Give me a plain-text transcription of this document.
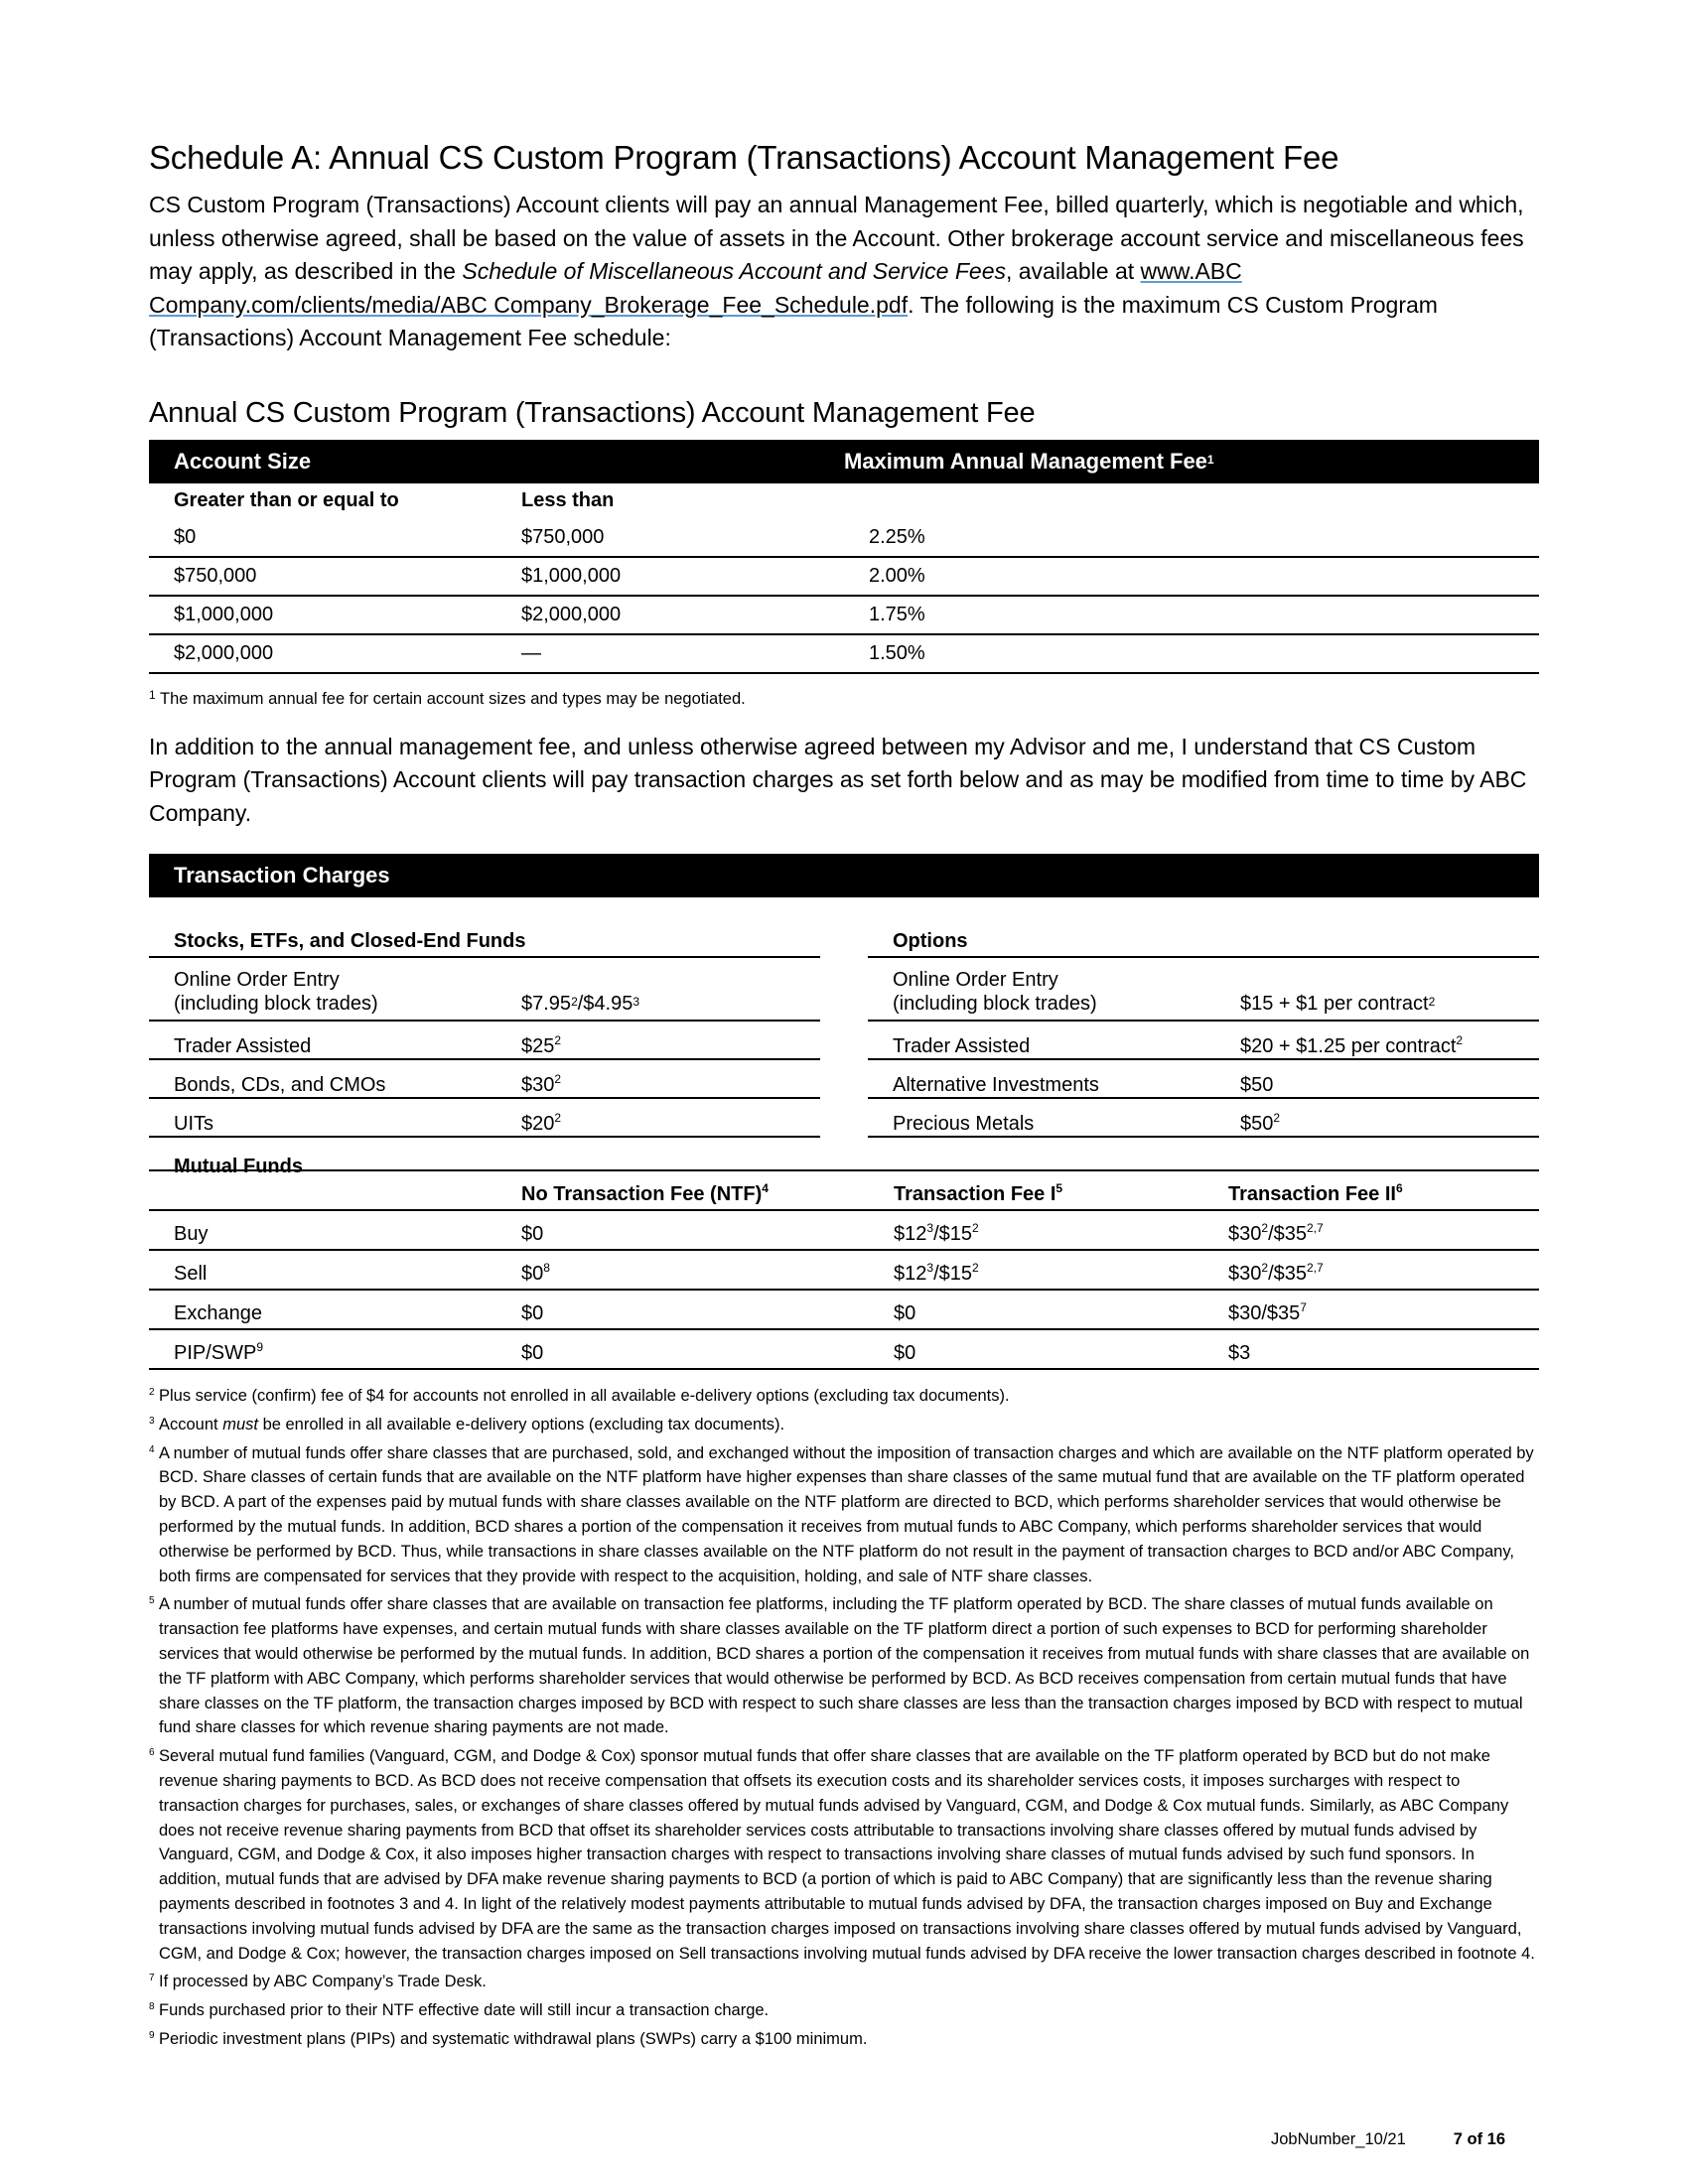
Schedule A: Annual CS Custom Program (Transactions) Account Management Fee

CS Custom Program (Transactions) Account clients will pay an annual Management Fee, billed quarterly, which is negotiable and which, unless otherwise agreed, shall be based on the value of assets in the Account. Other brokerage account service and miscellaneous fees may apply, as described in the Schedule of Miscellaneous Account and Service Fees, available at www.ABC Company.com/clients/media/ABC Company_Brokerage_Fee_Schedule.pdf. The following is the maximum CS Custom Program (Transactions) Account Management Fee schedule:

Annual CS Custom Program (Transactions) Account Management Fee
Account Size	Maximum Annual Management Fee$^1$
Greater than or equal to	Less than	
$0	$750,000	2.25%
$750,000	$1,000,000	2.00%
$1,000,000	$2,000,000	1.75%
$2,000,000	—	1.50%

$^1$ The maximum annual fee for certain account sizes and types may be negotiated.

In addition to the annual management fee, and unless otherwise agreed between my Advisor and me, I understand that CS Custom Program (Transactions) Account clients will pay transaction charges as set forth below and as may be modified from time to time by ABC Company.

Transaction Charges
Stocks, ETFs, and Closed-End Funds	
Online Order Entry
(including block trades)	$7.95$^2$/$4.95$^3$
Trader Assisted	$\$25^2$
Bonds, CDs, and CMOs	$\$30^2$
UITs	$\$20^2$
Options	
Online Order Entry
(including block trades)	$15 + $1 per contract$^2$
Trader Assisted	$20 + $1.25 per contract$^2$
Alternative Investments	$50
Precious Metals	$\$50^2$
Mutual Funds
	No Transaction Fee (NTF)$^4$	Transaction Fee $I^5$	Transaction Fee $II^6$
Buy	$0	$\$12^3/\$15^2$	$\$30^2/\$35^{2,7}$
Sell	$\$0^8$	$\$12^3/\$15^2$	$\$30^2/\$35^{2,7}$
Exchange	$0	$0	$\$30/\$35^7$
PIP/SWP$^9$	$0	$0	$3
2 Plus service (confirm) fee of $4 for accounts not enrolled in all available e-delivery options (excluding tax documents).
3 Account must be enrolled in all available e-delivery options (excluding tax documents).
4 A number of mutual funds offer share classes that are purchased, sold, and exchanged without the imposition of transaction charges and which are available on the NTF platform operated by BCD. Share classes of certain funds that are available on the NTF platform have higher expenses than share classes of the same mutual fund that are available on the TF platform operated by BCD. A part of the expenses paid by mutual funds with share classes available on the NTF platform are directed to BCD, which performs shareholder services that would otherwise be performed by the mutual funds. In addition, BCD shares a portion of the compensation it receives from mutual funds to ABC Company, which performs shareholder services that would otherwise be performed by BCD. Thus, while transactions in share classes available on the NTF platform do not result in the payment of transaction charges to BCD and/or ABC Company, both firms are compensated for services that they provide with respect to the acquisition, holding, and sale of NTF share classes.
5 A number of mutual funds offer share classes that are available on transaction fee platforms, including the TF platform operated by BCD. The share classes of mutual funds available on transaction fee platforms have expenses, and certain mutual funds with share classes available on the TF platform direct a portion of such expenses to BCD for performing shareholder services that would otherwise be performed by the mutual funds. In addition, BCD shares a portion of the compensation it receives from mutual funds with share classes that are available on the TF platform with ABC Company, which performs shareholder services that would otherwise be performed by BCD. As BCD receives compensation from certain mutual funds that have share classes on the TF platform, the transaction charges imposed by BCD with respect to such share classes are less than the transaction charges imposed by BCD with respect to mutual fund share classes for which revenue sharing payments are not made.
6 Several mutual fund families (Vanguard, CGM, and Dodge & Cox) sponsor mutual funds that offer share classes that are available on the TF platform operated by BCD but do not make revenue sharing payments to BCD. As BCD does not receive compensation that offsets its execution costs and its shareholder services costs, it imposes surcharges with respect to transaction charges for purchases, sales, or exchanges of share classes offered by mutual funds advised by Vanguard, CGM, and Dodge & Cox mutual funds. Similarly, as ABC Company does not receive revenue sharing payments from BCD that offset its shareholder services costs attributable to transactions involving share classes offered by mutual funds advised by Vanguard, CGM, and Dodge & Cox, it also imposes higher transaction charges with respect to transactions involving share classes of mutual funds advised by such fund sponsors. In addition, mutual funds that are advised by DFA make revenue sharing payments to BCD (a portion of which is paid to ABC Company) that are significantly less than the revenue sharing payments described in footnotes 3 and 4. In light of the relatively modest payments attributable to mutual funds advised by DFA, the transaction charges imposed on Buy and Exchange transactions involving mutual funds advised by DFA are the same as the transaction charges imposed on transactions involving share classes offered by mutual funds advised by Vanguard, CGM, and Dodge & Cox; however, the transaction charges imposed on Sell transactions involving mutual funds advised by DFA receive the lower transaction charges described in footnote 4.
7 If processed by ABC Company’s Trade Desk.
8 Funds purchased prior to their NTF effective date will still incur a transaction charge.
9 Periodic investment plans (PIPs) and systematic withdrawal plans (SWPs) carry a $100 minimum.
JobNumber_10/21	7 of 16
